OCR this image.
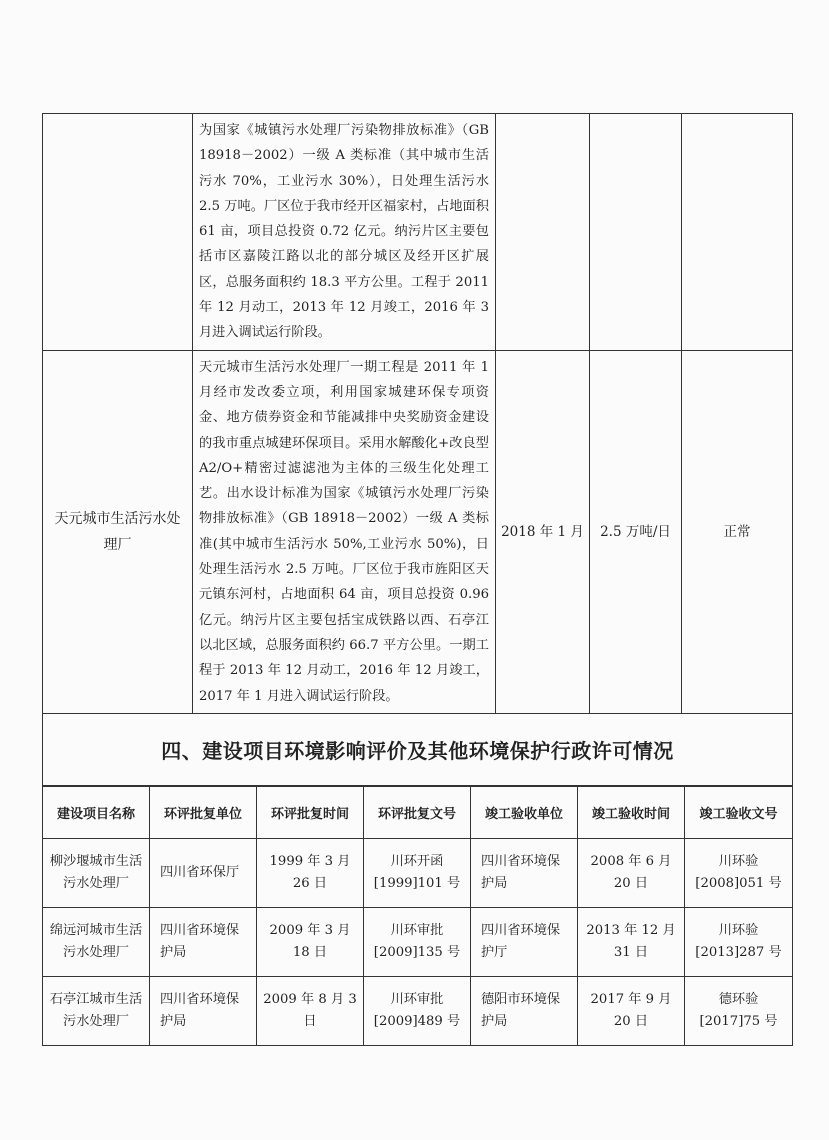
	为国家《城镇污水处理厂污染物排放标准》（GB 18918－2002）一级 A 类标准（其中城市生活污水 70%，工业污水 30%），日处理生活污水 2.5 万吨。厂区位于我市经开区福家村，占地面积 61 亩，项目总投资 0.72 亿元。纳污片区主要包括市区嘉陵江路以北的部分城区及经开区扩展区，总服务面积约 18.3 平方公里。工程于 2011 年 12 月动工，2013 年 12 月竣工，2016 年 3 月进入调试运行阶段。			
天元城市生活污水处理厂	天元城市生活污水处理厂一期工程是 2011 年 1 月经市发改委立项，利用国家城建环保专项资金、地方债券资金和节能减排中央奖励资金建设的我市重点城建环保项目。采用水解酸化+改良型 A2/O+精密过滤滤池为主体的三级生化处理工艺。出水设计标准为国家《城镇污水处理厂污染物排放标准》（GB 18918－2002）一级 A 类标准(其中城市生活污水 50%,工业污水 50%)，日处理生活污水 2.5 万吨。厂区位于我市旌阳区天元镇东河村，占地面积 64 亩，项目总投资 0.96 亿元。纳污片区主要包括宝成铁路以西、石亭江以北区域，总服务面积约 66.7 平方公里。一期工程于 2013 年 12 月动工，2016 年 12 月竣工，2017 年 1 月进入调试运行阶段。	2018 年 1 月	2.5 万吨/日	正常
四、建设项目环境影响评价及其他环境保护行政许可情况				
建设项目名称	环评批复单位	环评批复时间	环评批复文号	竣工验收单位	竣工验收时间	竣工验收文号
柳沙堰城市生活污水处理厂	四川省环保厅	1999 年 3 月 26 日	川环开函[1999]101 号	四川省环境保护局	2008 年 6 月 20 日	川环验[2008]051 号
绵远河城市生活污水处理厂	四川省环境保护局	2009 年 3 月 18 日	川环审批[2009]135 号	四川省环境保护厅	2013 年 12 月 31 日	川环验[2013]287 号
石亭江城市生活污水处理厂	四川省环境保护局	2009 年 8 月 3 日	川环审批[2009]489 号	德阳市环境保护局	2017 年 9 月 20 日	德环验[2017]75 号
